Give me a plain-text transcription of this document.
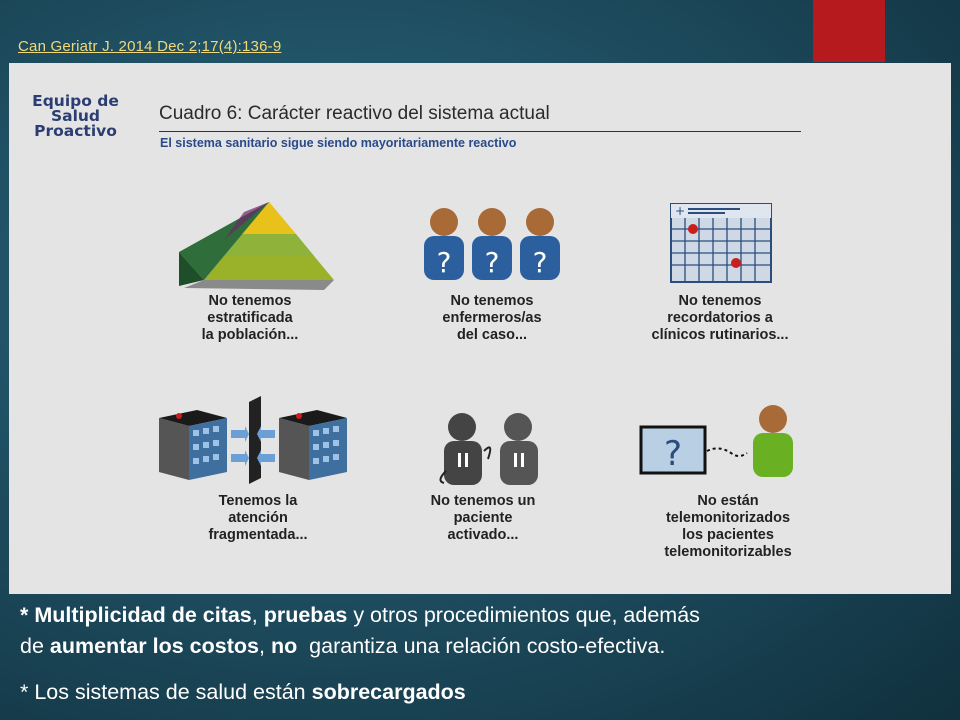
Can Geriatr J. 2014 Dec 2;17(4):136-9
Equipo de
Salud
Proactivo
Cuadro 6: Carácter reactivo del sistema actual
El sistema sanitario sigue siendo mayoritariamente reactivo
? ? ?
+
?
No tenemos
estratificada
la población...
No tenemos
enfermeros/as
del caso...
No tenemos
recordatorios a
clínicos rutinarios...
Tenemos la
atención
fragmentada...
No tenemos un
paciente
activado...
No están
telemonitorizados
los pacientes
telemonitorizables
* Multiplicidad de citas, pruebas y otros procedimientos que, además
de aumentar los costos, no  garantiza una relación costo-efectiva.
* Los sistemas de salud están sobrecargados
